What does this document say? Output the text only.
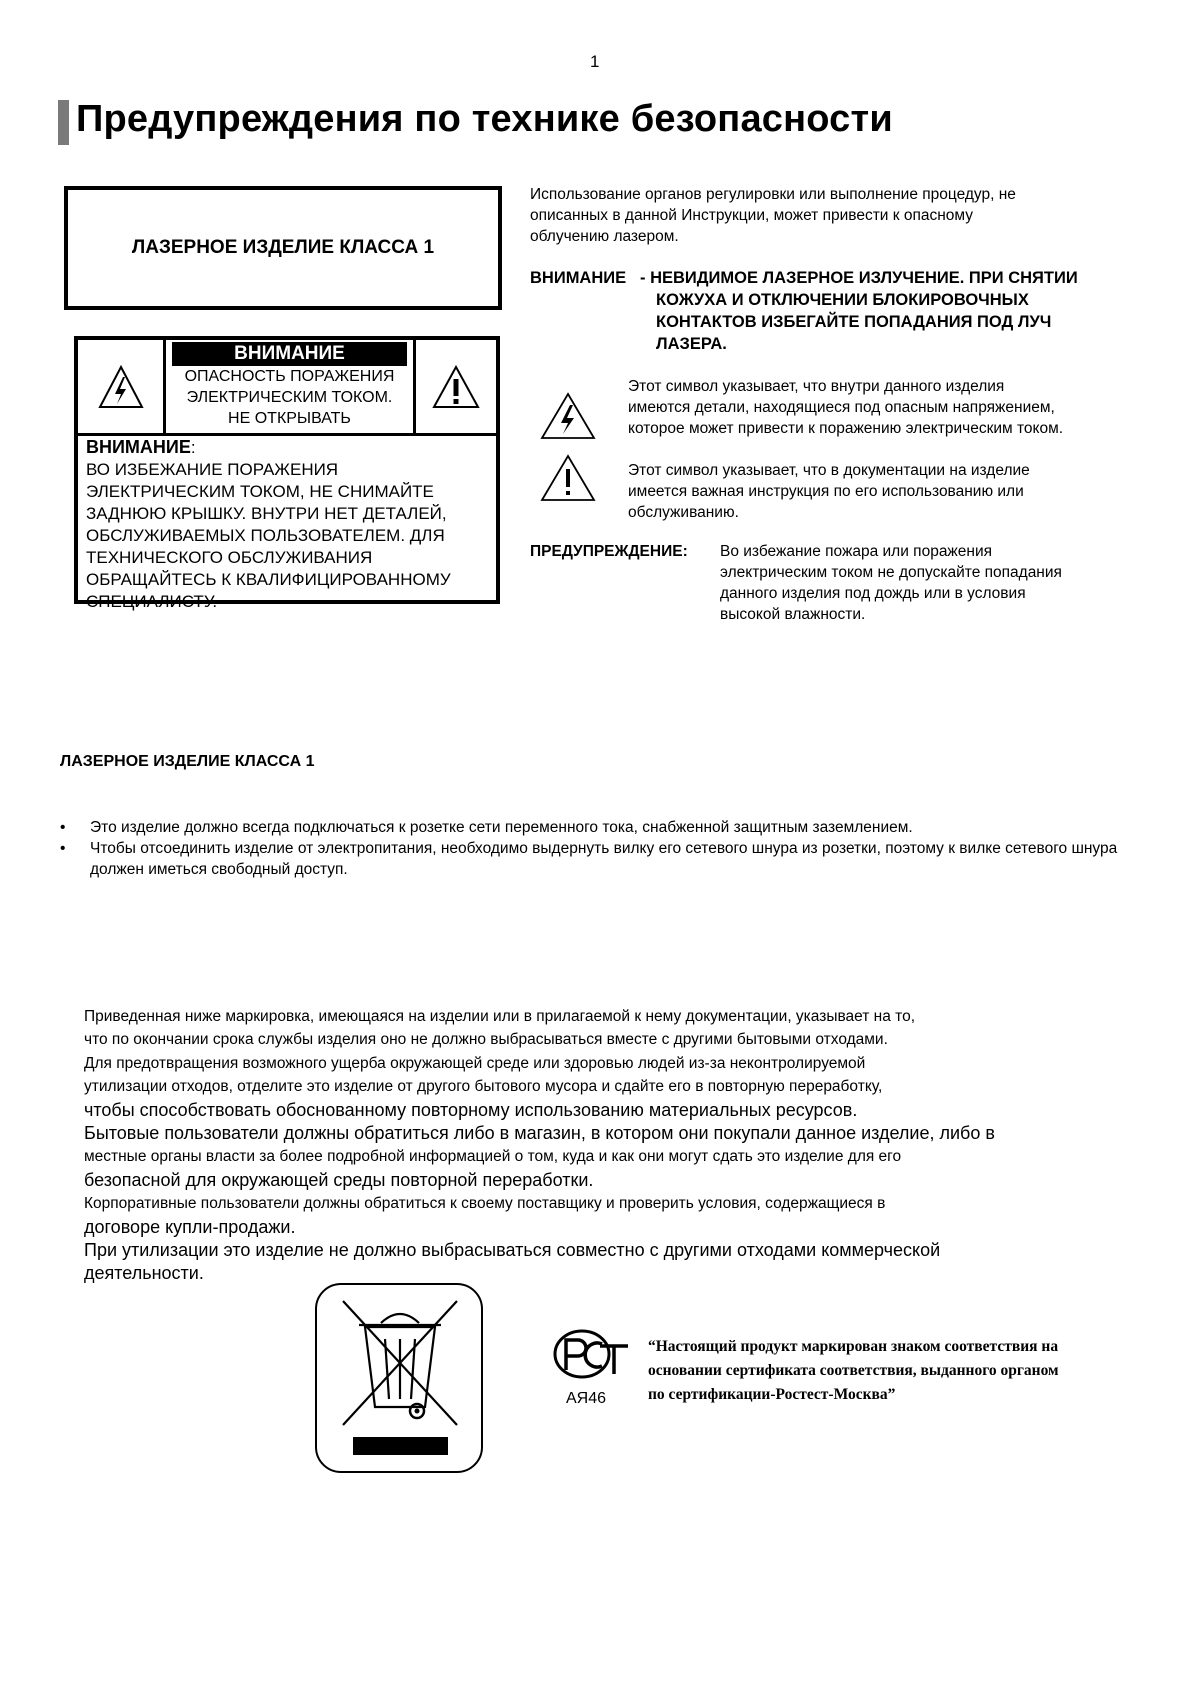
1
Предупреждения по технике безопасности
ЛАЗЕРНОЕ ИЗДЕЛИЕ КЛАССА 1
ВНИМАНИЕ
ОПАСНОСТЬ ПОРАЖЕНИЯ
ЭЛЕКТРИЧЕСКИМ ТОКОМ.
НЕ ОТКРЫВАТЬ
ВНИМАНИЕ:
ВО ИЗБЕЖАНИЕ ПОРАЖЕНИЯ
ЭЛЕКТРИЧЕСКИМ ТОКОМ, НЕ СНИМАЙТЕ
ЗАДНЮЮ КРЫШКУ. ВНУТРИ НЕТ ДЕТАЛЕЙ,
ОБСЛУЖИВАЕМЫХ ПОЛЬЗОВАТЕЛЕМ. ДЛЯ
ТЕХНИЧЕСКОГО ОБСЛУЖИВАНИЯ
ОБРАЩАЙТЕСЬ К КВАЛИФИЦИРОВАННОМУ
СПЕЦИАЛИСТУ.
Использование органов регулировки или выполнение процедур, не
описанных в данной Инструкции, может привести к опасному
облучению лазером.
ВНИМАНИЕ - НЕВИДИМОЕ ЛАЗЕРНОЕ ИЗЛУЧЕНИЕ. ПРИ СНЯТИИ
КОЖУХА И ОТКЛЮЧЕНИИ БЛОКИРОВОЧНЫХ
КОНТАКТОВ ИЗБЕГАЙТЕ ПОПАДАНИЯ ПОД ЛУЧ
ЛАЗЕРА.
Этот символ указывает, что внутри данного изделия
имеются детали, находящиеся под опасным напряжением,
которое может привести к поражению электрическим током.
Этот символ указывает, что в документации на изделие
имеется важная инструкция по его использованию или
обслуживанию.
ПРЕДУПРЕЖДЕНИЕ: Во избежание пожара или поражения
электрическим током не допускайте попадания
данного изделия под дождь или в условия
высокой влажности.
ЛАЗЕРНОЕ ИЗДЕЛИЕ КЛАССА 1
• Это изделие должно всегда подключаться к розетке сети переменного тока, снабженной защитным заземлением.
• Чтобы отсоединить изделие от электропитания, необходимо выдернуть вилку его сетевого шнура из розетки, поэтому к вилке сетевого шнура должен иметься свободный доступ.
Приведенная ниже маркировка, имеющаяся на изделии или в прилагаемой к нему документации, указывает на то,
что по окончании срока службы изделия оно не должно выбрасываться вместе с другими бытовыми отходами.
Для предотвращения возможного ущерба окружающей среде или здоровью людей из-за неконтролируемой
утилизации отходов, отделите это изделие от другого бытового мусора и сдайте его в повторную переработку,
чтобы способствовать обоснованному повторному использованию материальных ресурсов.
Бытовые пользователи должны обратиться либо в магазин, в котором они покупали данное изделие, либо в
местные органы власти за более подробной информацией о том, куда и как они могут сдать это изделие для его
безопасной для окружающей среды повторной переработки.
Корпоративные пользователи должны обратиться к своему поставщику и проверить условия, содержащиеся в
договоре купли-продажи.
При утилизации это изделие не должно выбрасываться совместно с другими отходами коммерческой
деятельности.
АЯ46
“Настоящий продукт маркирован знаком соответствия на
основании сертификата соответствия, выданного органом
по сертификации-Ростест-Москва”
